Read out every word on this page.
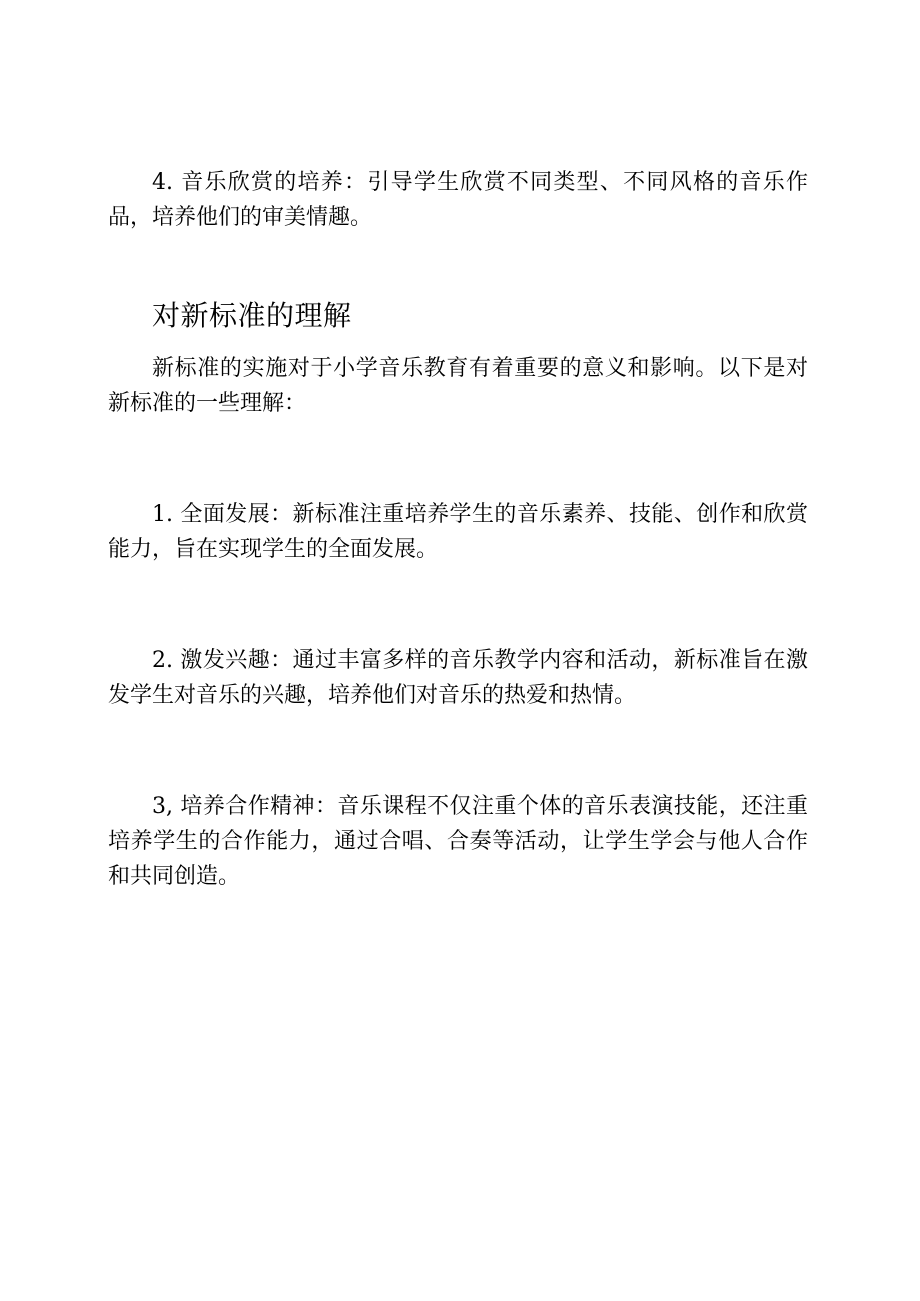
4. 音乐欣赏的培养：引导学生欣赏不同类型、不同风格的音乐作品，培养他们的审美情趣。

对新标准的理解

新标准的实施对于小学音乐教育有着重要的意义和影响。以下是对新标准的一些理解：

1. 全面发展：新标准注重培养学生的音乐素养、技能、创作和欣赏能力，旨在实现学生的全面发展。

2. 激发兴趣：通过丰富多样的音乐教学内容和活动，新标准旨在激发学生对音乐的兴趣，培养他们对音乐的热爱和热情。

3, 培养合作精神：音乐课程不仅注重个体的音乐表演技能，还注重培养学生的合作能力，通过合唱、合奏等活动，让学生学会与他人合作和共同创造。
